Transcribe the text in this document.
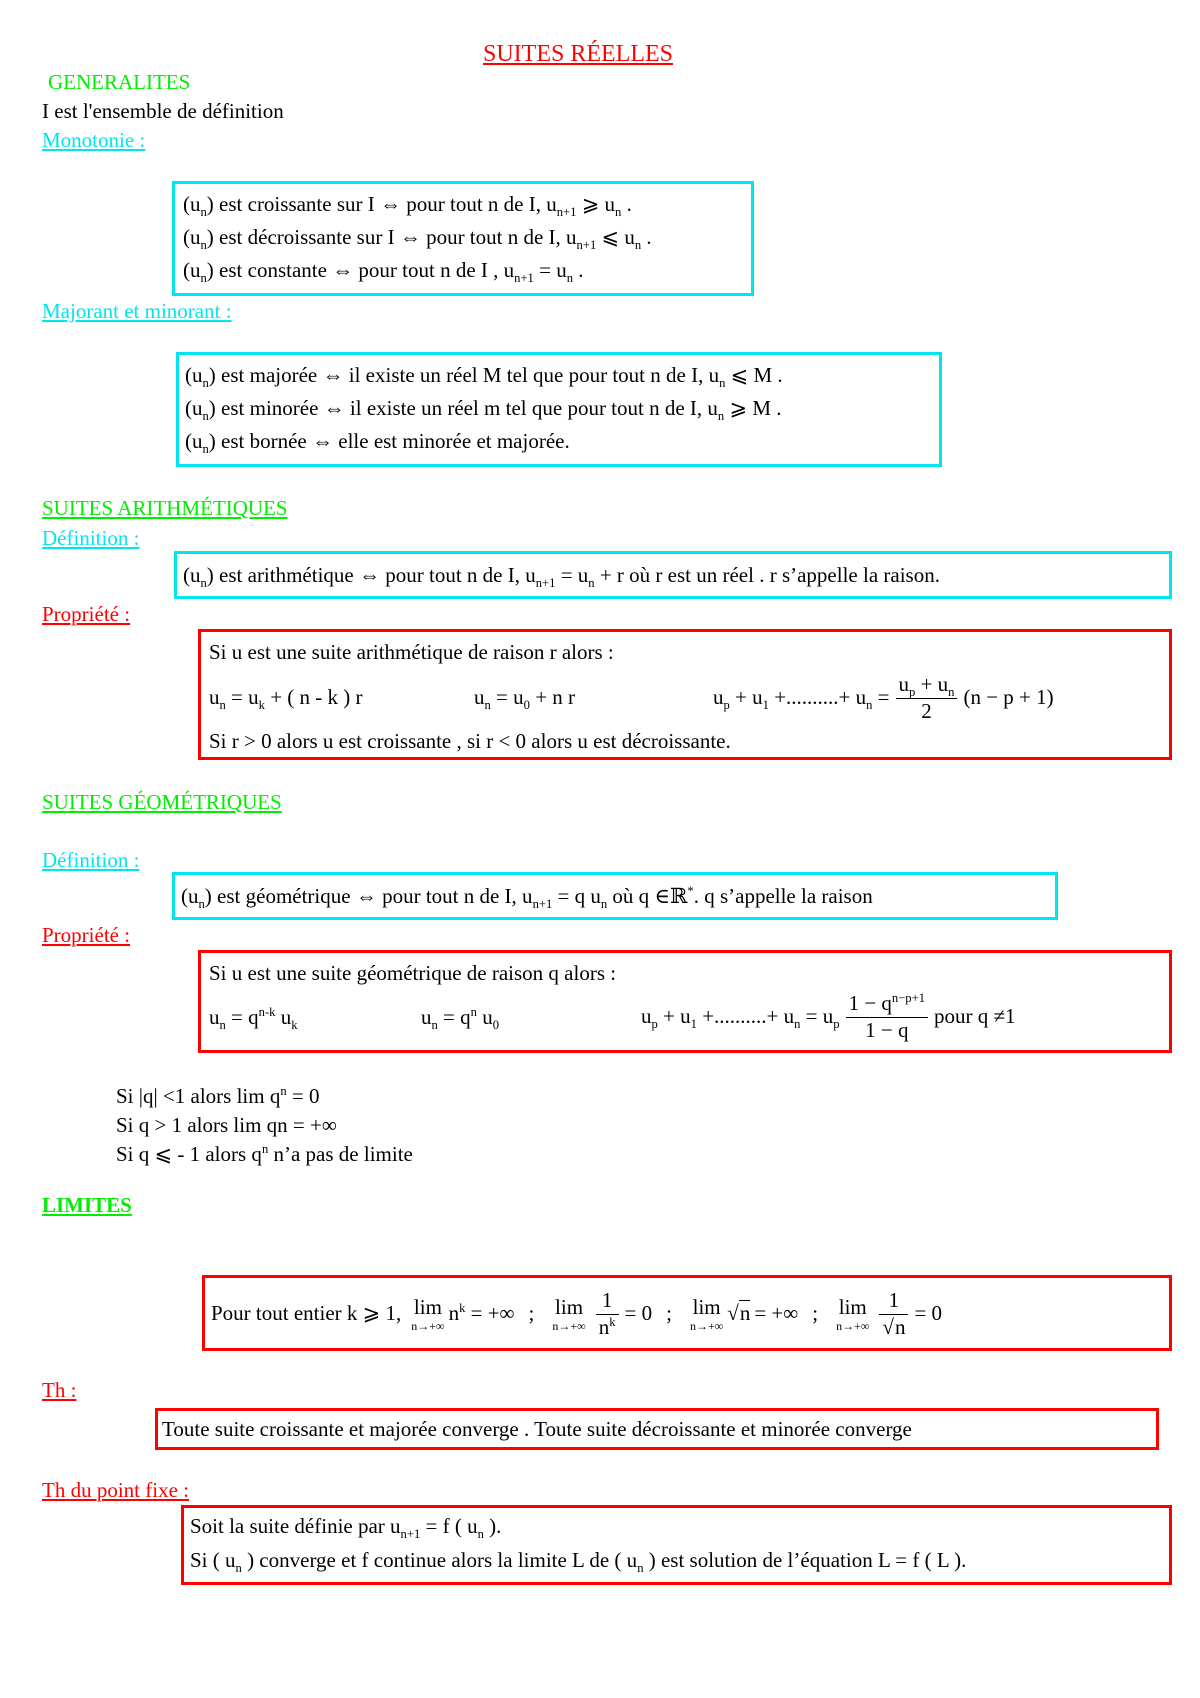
SUITES RÉELLES
GENERALITES
I est l'ensemble de définition
Monotonie :
$(u_n)$ est croissante sur I ⇔ pour tout n de I, $u_{n+1}$ ⩾ $u_n$ .
$(u_n)$ est décroissante sur I ⇔ pour tout n de I, $u_{n+1}$ ⩽ $u_n$ .
$(u_n)$ est constante ⇔ pour tout n de I , $u_{n+1} = u_n$ .
Majorant et minorant :
$(u_n)$ est majorée ⇔ il existe un réel M tel que pour tout n de I, $u_n$ ⩽ M .
$(u_n)$ est minorée ⇔ il existe un réel m tel que pour tout n de I, $u_n$ ⩾ M .
$(u_n)$ est bornée ⇔ elle est minorée et majorée.
SUITES ARITHMÉTIQUES
Définition :
$(u_n)$ est arithmétique ⇔ pour tout n de I, $u_{n+1} = u_n + r$ où r est un réel . r s’appelle la raison.
Propriété :
Si u est une suite arithmétique de raison r alors :
$u_n = u_k$ + ( n - k ) r	$u_n = u_0 + n$ r	$u_p + u_1$ +..........+ $u_n = \frac{u_p + u_n}{2} (n - p + 1)$
Si r > 0 alors u est croissante , si r < 0 alors u est décroissante.
SUITES GÉOMÉTRIQUES
Définition :
$(u_n)$ est géométrique ⇔ pour tout n de I, $u_{n+1} = q$ $u_n$ où q ∈ℝ*. q s’appelle la raison
Propriété :
Si u est une suite géométrique de raison q alors :
$u_n = q^{n-k}$ $u_k$	$u_n = q^n$ $u_0$	$u_p + u_1$ +..........+ $u_n = u_p \frac{1 - q^{n-p+1}}{1 - q}$ pour q ≠1
Si |q| <1 alors $\lim q^n = 0$
Si q > 1 alors lim qn = +∞
Si q ⩽ - 1 alors $q^n$ n’a pas de limite
LIMITES
Pour tout entier k ⩾ 1, lim
n→+∞
$n^k$ = +∞ ; lim
$n\to+\infty \frac{1}{n^k} = 0$ ; lim
n→+∞
√n = +∞ ; lim
$n\to+\infty \frac{1}{√n} = 0$
Th :
Toute suite croissante et majorée converge . Toute suite décroissante et minorée converge
Th du point fixe :
Soit la suite définie par $u_{n+1} = f$ ( $u_n$ ).
Si ( $u_n$ ) converge et f continue alors la limite L de ( $u_n$ ) est solution de l’équation L = f ( L ).
